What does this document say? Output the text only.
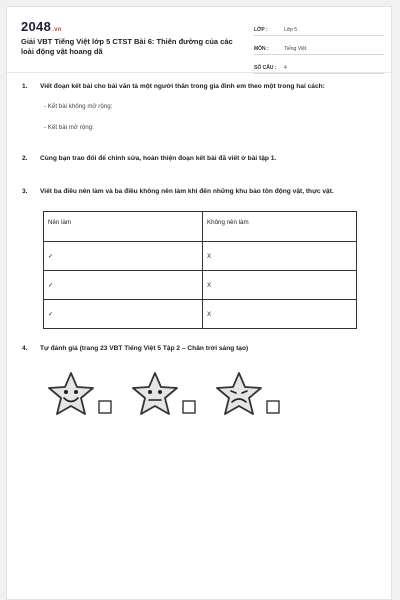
2048.vn
Giải VBT Tiếng Việt lớp 5 CTST Bài 6: Thiên đường của các loài động vật hoang dã
LỚP :	Lớp 5
MÔN :	Tiếng Việt
SỐ CÂU :	4
1. Viết đoạn kết bài cho bài văn tả một người thân trong gia đình em theo một trong hai cách:
- Kết bài không mở rộng:
- Kết bài mở rộng:
2. Cùng bạn trao đổi để chỉnh sửa, hoàn thiện đoạn kết bài đã viết ở bài tập 1.
3. Viết ba điều nên làm và ba điều không nên làm khi đến những khu bảo tồn động vật, thực vật.
Nên làm	Không nên làm
✓	X
✓	X
✓	X
4. Tự đánh giá (trang 23 VBT Tiếng Việt 5 Tập 2 – Chân trời sáng tạo)
